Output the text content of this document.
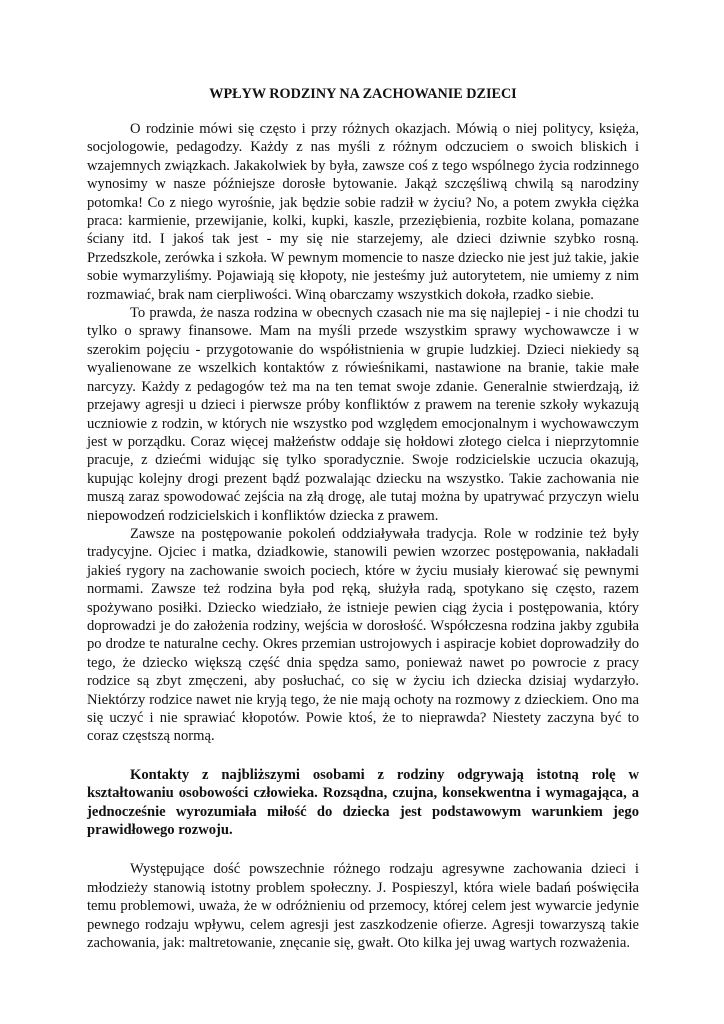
WPŁYW RODZINY NA ZACHOWANIE DZIECI

O rodzinie mówi się często i przy różnych okazjach. Mówią o niej politycy, księża, socjologowie, pedagodzy. Każdy z nas myśli z różnym odczuciem o swoich bliskich i wzajemnych związkach. Jakakolwiek by była, zawsze coś z tego wspólnego życia rodzinnego wynosimy w nasze późniejsze dorosłe bytowanie. Jakąż szczęśliwą chwilą są narodziny potomka! Co z niego wyrośnie, jak będzie sobie radził w życiu? No, a potem zwykła ciężka praca: karmienie, przewijanie, kolki, kupki, kaszle, przeziębienia, rozbite kolana, pomazane ściany itd. I jakoś tak jest - my się nie starzejemy, ale dzieci dziwnie szybko rosną. Przedszkole, zerówka i szkoła. W pewnym momencie to nasze dziecko nie jest już takie, jakie sobie wymarzyliśmy. Pojawiają się kłopoty, nie jesteśmy już autorytetem, nie umiemy z nim rozmawiać, brak nam cierpliwości. Winą obarczamy wszystkich dokoła, rzadko siebie.

To prawda, że nasza rodzina w obecnych czasach nie ma się najlepiej - i nie chodzi tu tylko o sprawy finansowe. Mam na myśli przede wszystkim sprawy wychowawcze i w szerokim pojęciu - przygotowanie do współistnienia w grupie ludzkiej. Dzieci niekiedy są wyalienowane ze wszelkich kontaktów z rówieśnikami, nastawione na branie, takie małe narcyzy. Każdy z pedagogów też ma na ten temat swoje zdanie. Generalnie stwierdzają, iż przejawy agresji u dzieci i pierwsze próby konfliktów z prawem na terenie szkoły wykazują uczniowie z rodzin, w których nie wszystko pod względem emocjonalnym i wychowawczym jest w porządku. Coraz więcej małżeństw oddaje się hołdowi złotego cielca i nieprzytomnie pracuje, z dziećmi widując się tylko sporadycznie. Swoje rodzicielskie uczucia okazują, kupując kolejny drogi prezent bądź pozwalając dziecku na wszystko. Takie zachowania nie muszą zaraz spowodować zejścia na złą drogę, ale tutaj można by upatrywać przyczyn wielu niepowodzeń rodzicielskich i konfliktów dziecka z prawem.

Zawsze na postępowanie pokoleń oddziaływała tradycja. Role w rodzinie też były tradycyjne. Ojciec i matka, dziadkowie, stanowili pewien wzorzec postępowania, nakładali jakieś rygory na zachowanie swoich pociech, które w życiu musiały kierować się pewnymi normami. Zawsze też rodzina była pod ręką, służyła radą, spotykano się często, razem spożywano posiłki. Dziecko wiedziało, że istnieje pewien ciąg życia i postępowania, który doprowadzi je do założenia rodziny, wejścia w dorosłość. Współczesna rodzina jakby zgubiła po drodze te naturalne cechy. Okres przemian ustrojowych i aspiracje kobiet doprowadziły do tego, że dziecko większą część dnia spędza samo, ponieważ nawet po powrocie z pracy rodzice są zbyt zmęczeni, aby posłuchać, co się w życiu ich dziecka dzisiaj wydarzyło. Niektórzy rodzice nawet nie kryją tego, że nie mają ochoty na rozmowy z dzieckiem. Ono ma się uczyć i nie sprawiać kłopotów. Powie ktoś, że to nieprawda? Niestety zaczyna być to coraz częstszą normą.

Kontakty z najbliższymi osobami z rodziny odgrywają istotną rolę w kształtowaniu osobowości człowieka. Rozsądna, czujna, konsekwentna i wymagająca, a jednocześnie wyrozumiała miłość do dziecka jest podstawowym warunkiem jego prawidłowego rozwoju.

Występujące dość powszechnie różnego rodzaju agresywne zachowania dzieci i młodzieży stanowią istotny problem społeczny. J. Pospieszyl, która wiele badań poświęciła temu problemowi, uważa, że w odróżnieniu od przemocy, której celem jest wywarcie jedynie pewnego rodzaju wpływu, celem agresji jest zaszkodzenie ofierze. Agresji towarzyszą takie zachowania, jak: maltretowanie, znęcanie się, gwałt. Oto kilka jej uwag wartych rozważenia.
